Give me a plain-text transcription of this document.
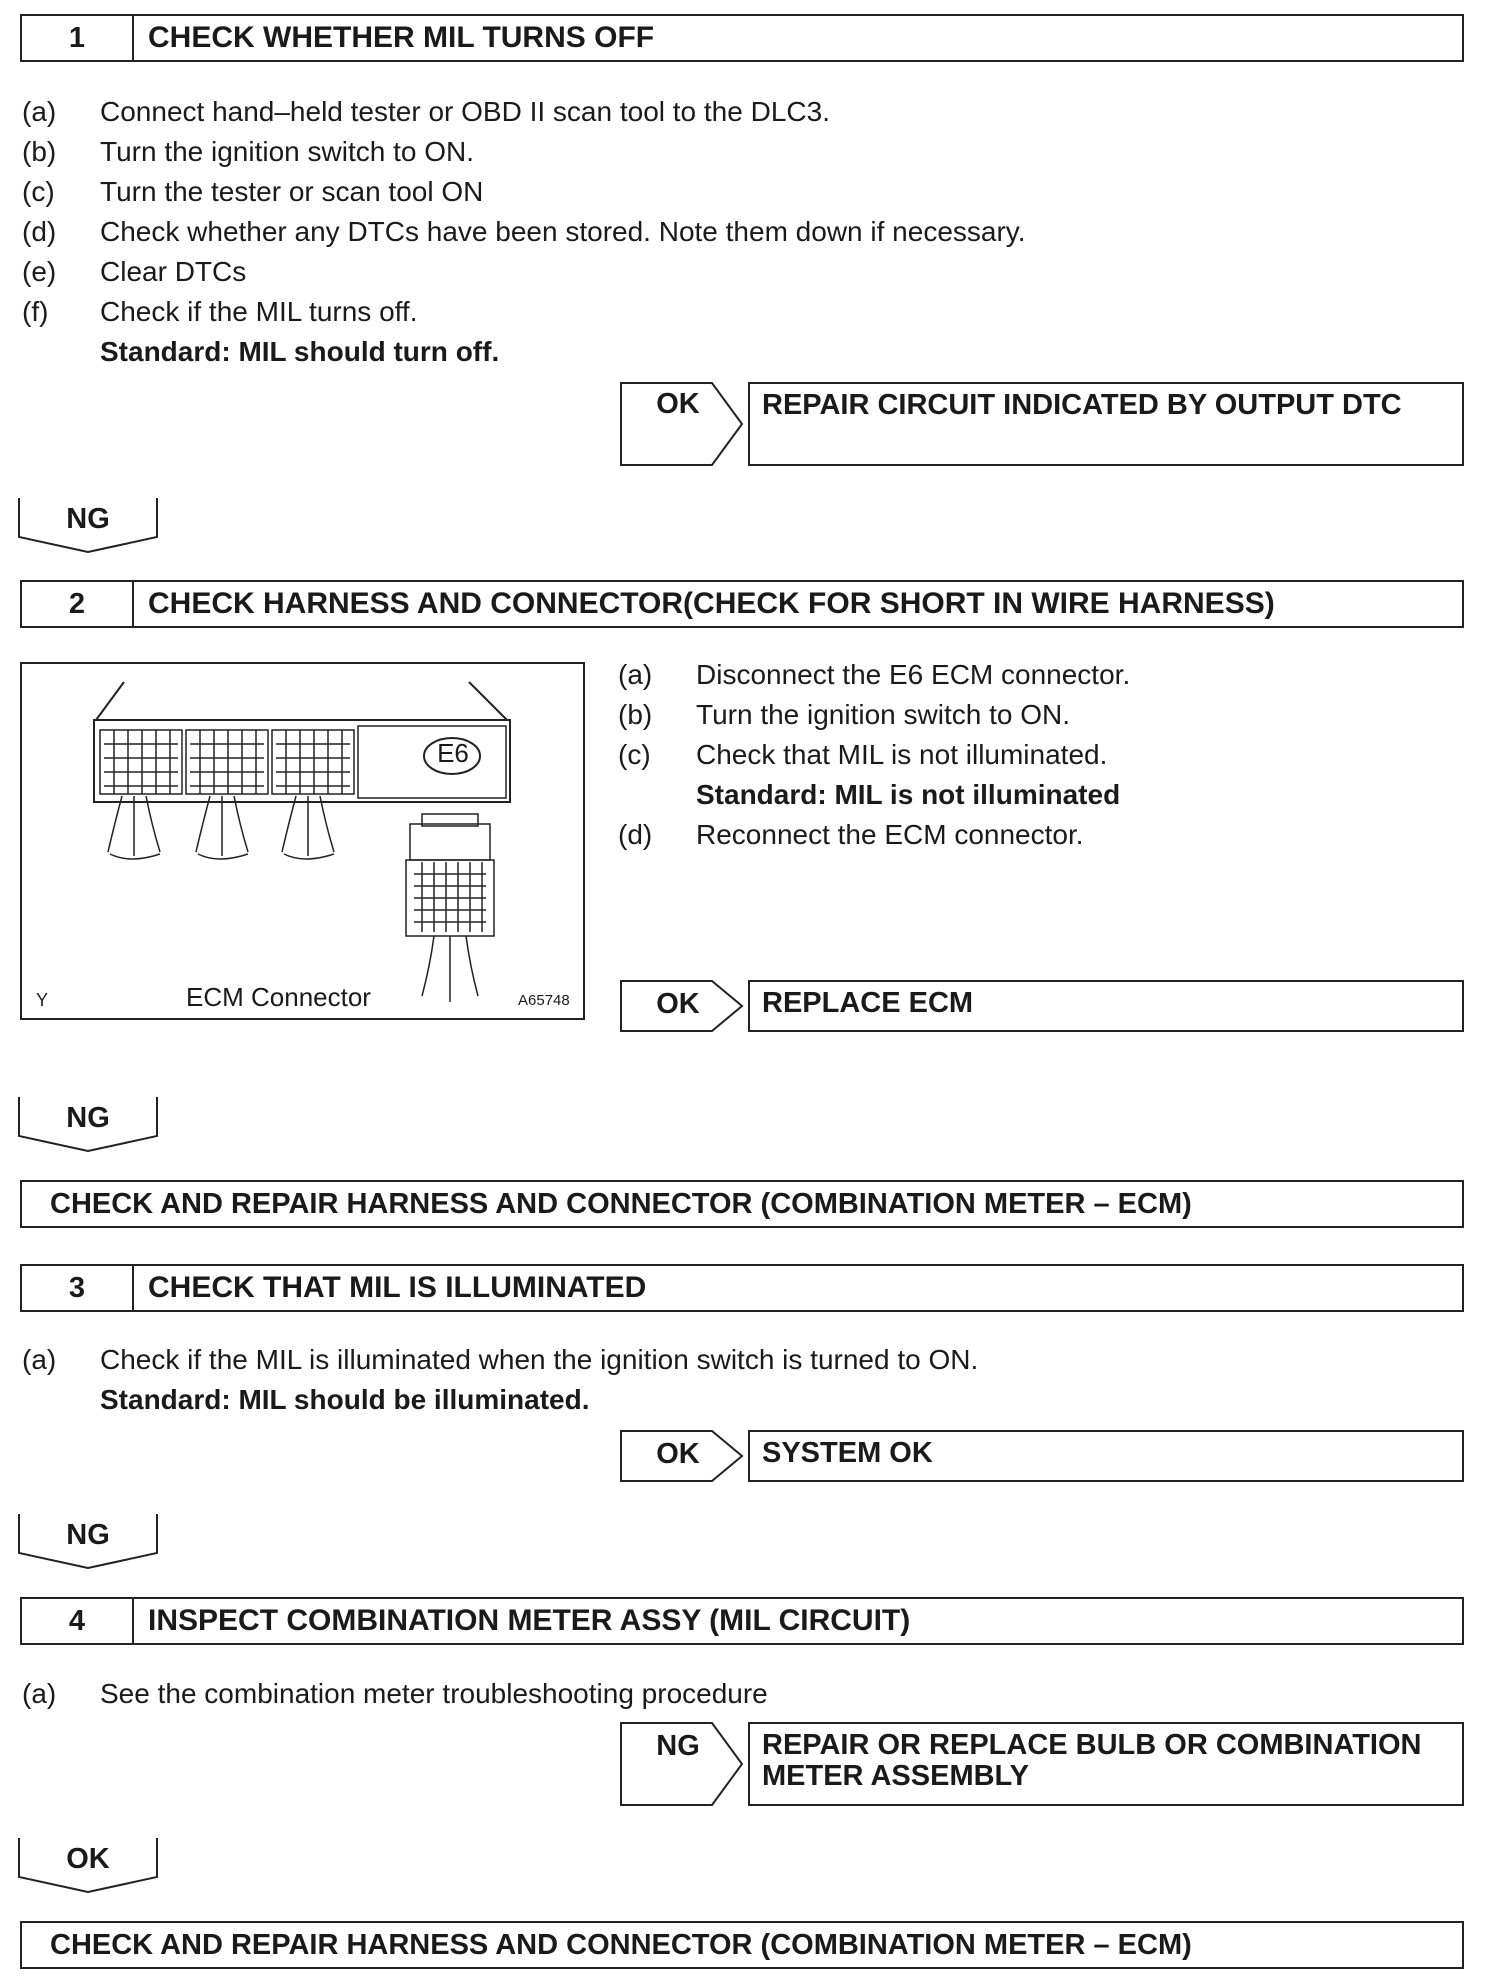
1	CHECK WHETHER MIL TURNS OFF
(a) Connect hand–held tester or OBD II scan tool to the DLC3.
(b) Turn the ignition switch to ON.
(c) Turn the tester or scan tool ON
(d) Check whether any DTCs have been stored. Note them down if necessary.
(e) Clear DTCs
(f) Check if the MIL turns off.
Standard: MIL should turn off.
OK	REPAIR CIRCUIT INDICATED BY OUTPUT DTC
NG
2	CHECK HARNESS AND CONNECTOR(CHECK FOR SHORT IN WIRE HARNESS)
E6
Y	ECM Connector	A65748
(a) Disconnect the E6 ECM connector.
(b) Turn the ignition switch to ON.
(c) Check that MIL is not illuminated.
Standard: MIL is not illuminated
(d) Reconnect the ECM connector.
OK	REPLACE ECM
NG
CHECK AND REPAIR HARNESS AND CONNECTOR (COMBINATION METER – ECM)
3	CHECK THAT MIL IS ILLUMINATED
(a) Check if the MIL is illuminated when the ignition switch is turned to ON.
Standard: MIL should be illuminated.
OK	SYSTEM OK
NG
4	INSPECT COMBINATION METER ASSY (MIL CIRCUIT)
(a) See the combination meter troubleshooting procedure
NG	REPAIR OR REPLACE BULB OR COMBINATION
METER ASSEMBLY
OK
CHECK AND REPAIR HARNESS AND CONNECTOR (COMBINATION METER – ECM)
